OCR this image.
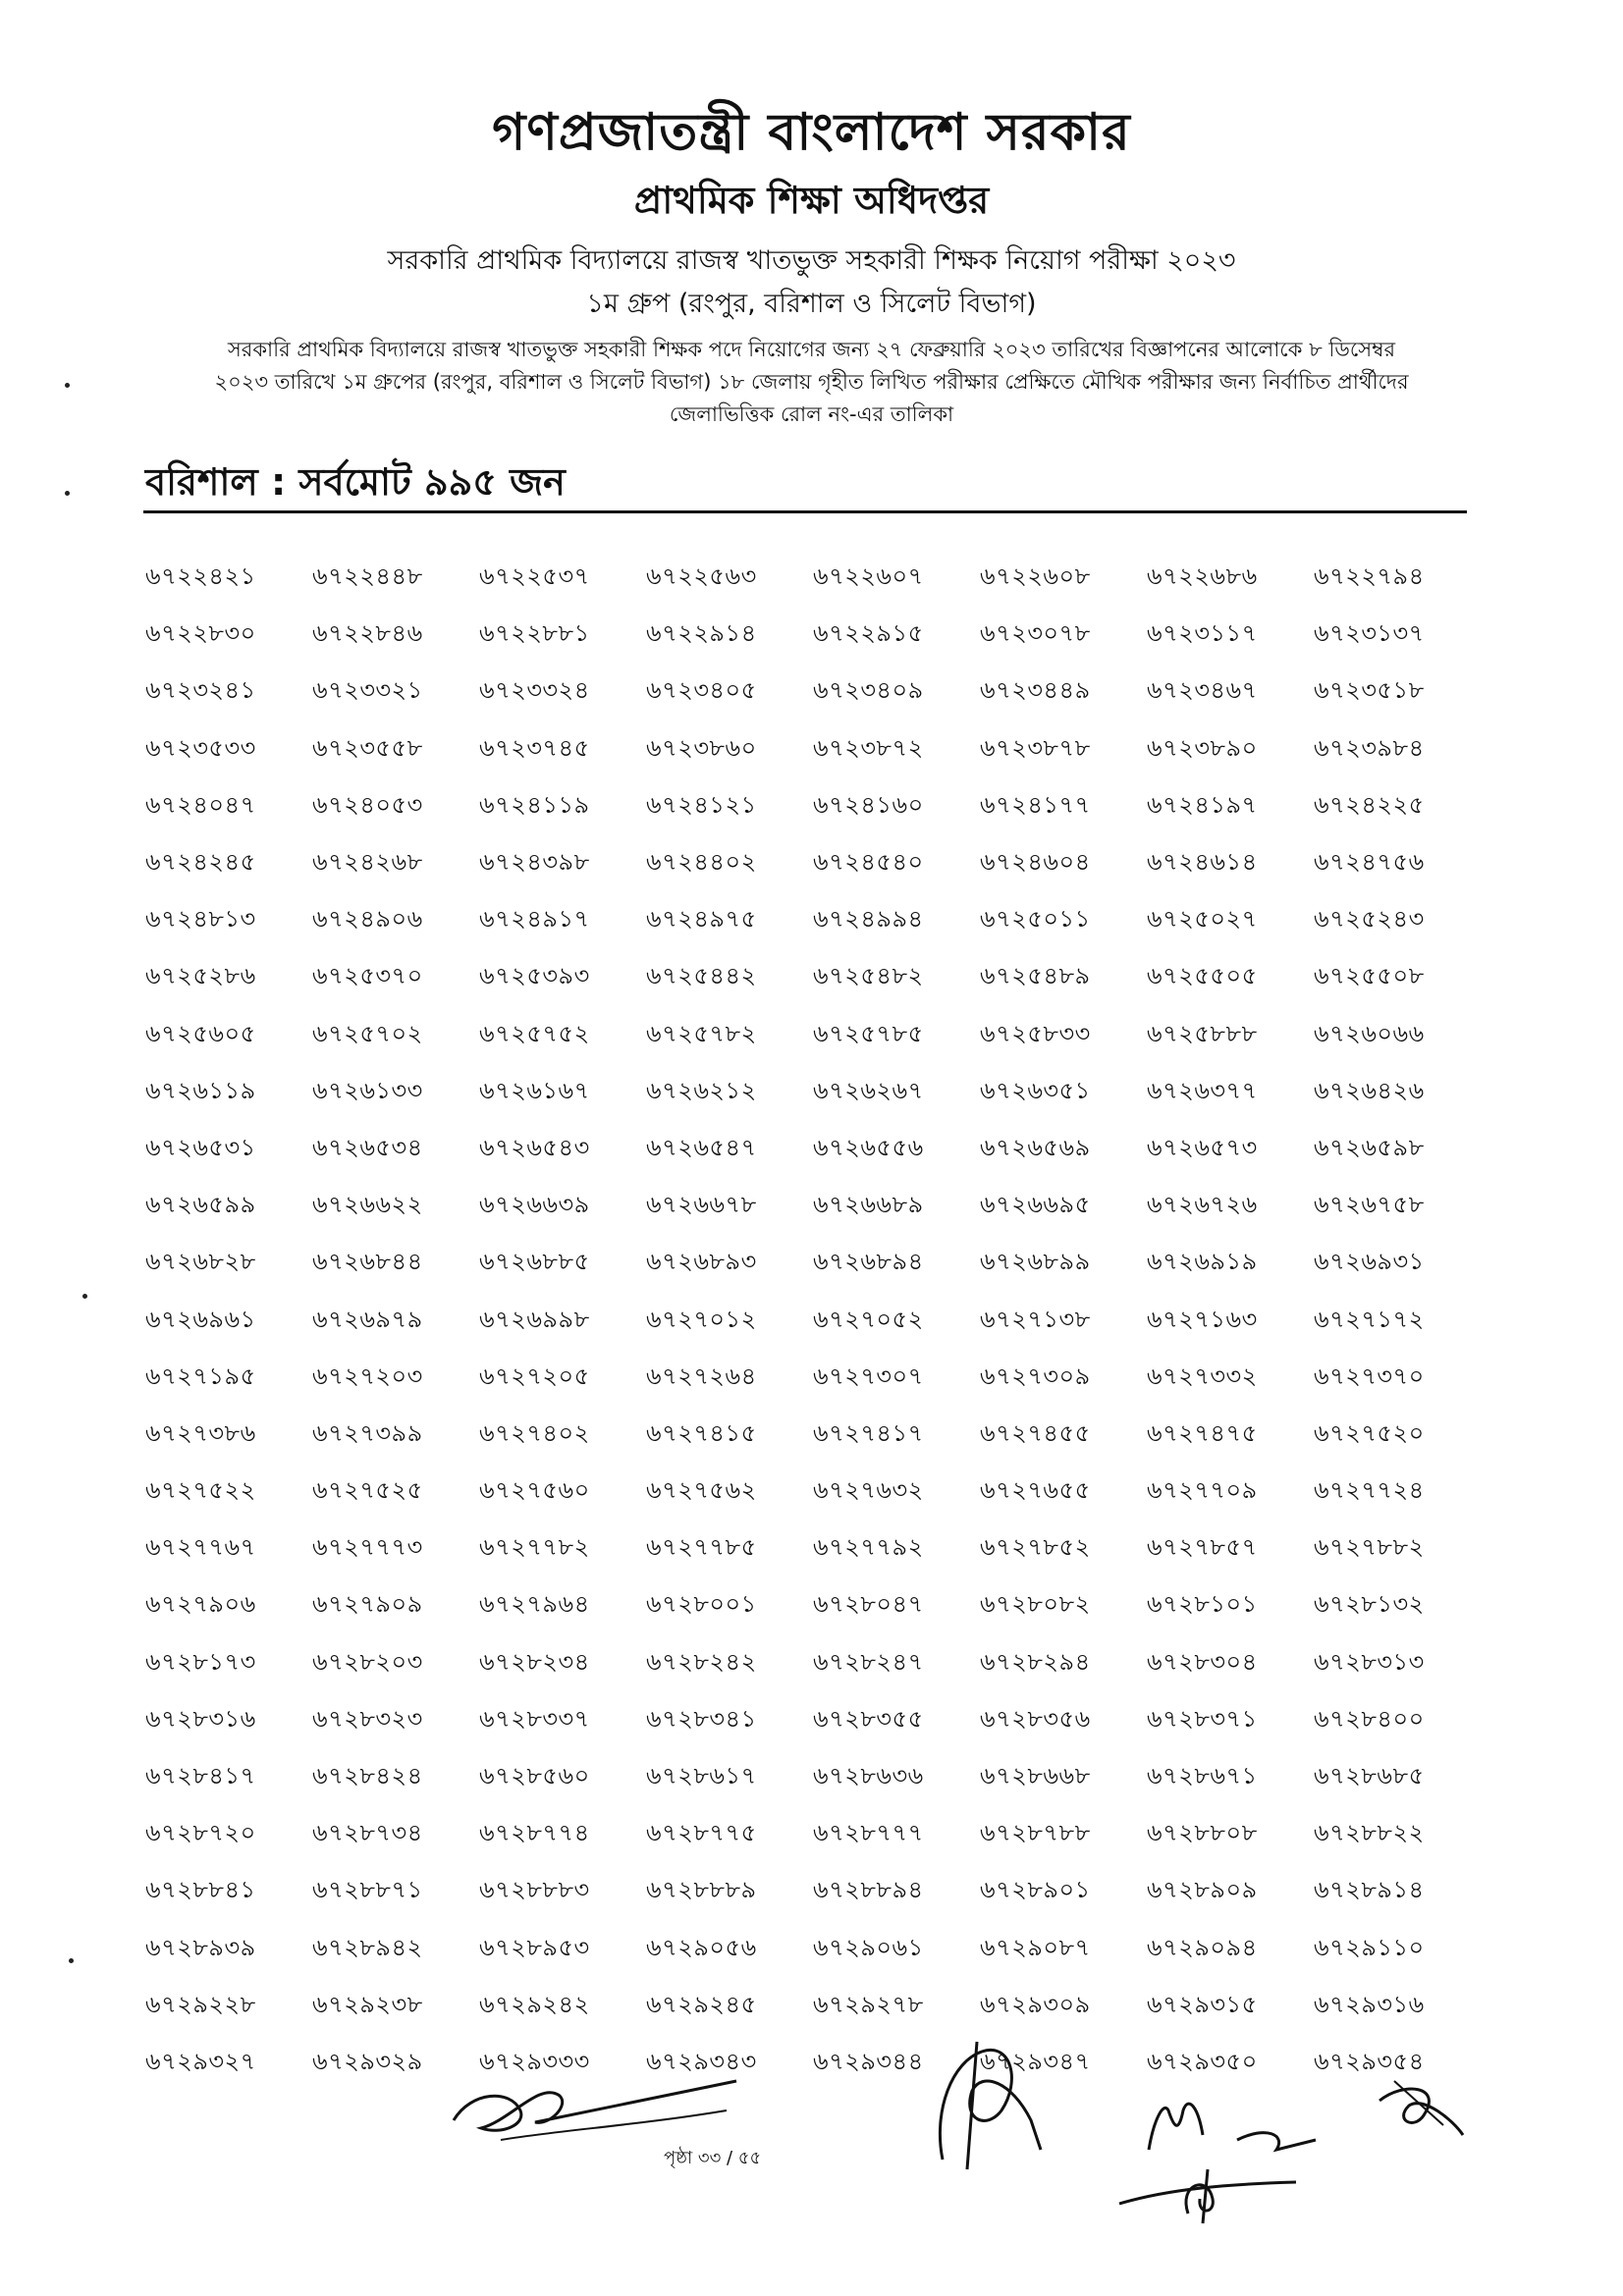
গণপ্রজাতন্ত্রী বাংলাদেশ সরকার
প্রাথমিক শিক্ষা অধিদপ্তর
সরকারি প্রাথমিক বিদ্যালয়ে রাজস্ব খাতভুক্ত সহকারী শিক্ষক নিয়োগ পরীক্ষা ২০২৩
১ম গ্রুপ (রংপুর, বরিশাল ও সিলেট বিভাগ)
সরকারি প্রাথমিক বিদ্যালয়ে রাজস্ব খাতভুক্ত সহকারী শিক্ষক পদে নিয়োগের জন্য ২৭ ফেব্রুয়ারি ২০২৩ তারিখের বিজ্ঞাপনের আলোকে ৮ ডিসেম্বর ২০২৩ তারিখে ১ম গ্রুপের (রংপুর, বরিশাল ও সিলেট বিভাগ) ১৮ জেলায় গৃহীত লিখিত পরীক্ষার প্রেক্ষিতে মৌখিক পরীক্ষার জন্য নির্বাচিত প্রার্থীদের জেলাভিত্তিক রোল নং-এর তালিকা
বরিশাল : সর্বমোট ৯৯৫ জন
৬৭২২৪২১	৬৭২২৪৪৮	৬৭২২৫৩৭	৬৭২২৫৬৩	৬৭২২৬০৭	৬৭২২৬০৮	৬৭২২৬৮৬	৬৭২২৭৯৪
৬৭২২৮৩০	৬৭২২৮৪৬	৬৭২২৮৮১	৬৭২২৯১৪	৬৭২২৯১৫	৬৭২৩০৭৮	৬৭২৩১১৭	৬৭২৩১৩৭
৬৭২৩২৪১	৬৭২৩৩২১	৬৭২৩৩২৪	৬৭২৩৪০৫	৬৭২৩৪০৯	৬৭২৩৪৪৯	৬৭২৩৪৬৭	৬৭২৩৫১৮
৬৭২৩৫৩৩	৬৭২৩৫৫৮	৬৭২৩৭৪৫	৬৭২৩৮৬০	৬৭২৩৮৭২	৬৭২৩৮৭৮	৬৭২৩৮৯০	৬৭২৩৯৮৪
৬৭২৪০৪৭	৬৭২৪০৫৩	৬৭২৪১১৯	৬৭২৪১২১	৬৭২৪১৬০	৬৭২৪১৭৭	৬৭২৪১৯৭	৬৭২৪২২৫
৬৭২৪২৪৫	৬৭২৪২৬৮	৬৭২৪৩৯৮	৬৭২৪৪০২	৬৭২৪৫৪০	৬৭২৪৬০৪	৬৭২৪৬১৪	৬৭২৪৭৫৬
৬৭২৪৮১৩	৬৭২৪৯০৬	৬৭২৪৯১৭	৬৭২৪৯৭৫	৬৭২৪৯৯৪	৬৭২৫০১১	৬৭২৫০২৭	৬৭২৫২৪৩
৬৭২৫২৮৬	৬৭২৫৩৭০	৬৭২৫৩৯৩	৬৭২৫৪৪২	৬৭২৫৪৮২	৬৭২৫৪৮৯	৬৭২৫৫০৫	৬৭২৫৫০৮
৬৭২৫৬০৫	৬৭২৫৭০২	৬৭২৫৭৫২	৬৭২৫৭৮২	৬৭২৫৭৮৫	৬৭২৫৮৩৩	৬৭২৫৮৮৮	৬৭২৬০৬৬
৬৭২৬১১৯	৬৭২৬১৩৩	৬৭২৬১৬৭	৬৭২৬২১২	৬৭২৬২৬৭	৬৭২৬৩৫১	৬৭২৬৩৭৭	৬৭২৬৪২৬
৬৭২৬৫৩১	৬৭২৬৫৩৪	৬৭২৬৫৪৩	৬৭২৬৫৪৭	৬৭২৬৫৫৬	৬৭২৬৫৬৯	৬৭২৬৫৭৩	৬৭২৬৫৯৮
৬৭২৬৫৯৯	৬৭২৬৬২২	৬৭২৬৬৩৯	৬৭২৬৬৭৮	৬৭২৬৬৮৯	৬৭২৬৬৯৫	৬৭২৬৭২৬	৬৭২৬৭৫৮
৬৭২৬৮২৮	৬৭২৬৮৪৪	৬৭২৬৮৮৫	৬৭২৬৮৯৩	৬৭২৬৮৯৪	৬৭২৬৮৯৯	৬৭২৬৯১৯	৬৭২৬৯৩১
৬৭২৬৯৬১	৬৭২৬৯৭৯	৬৭২৬৯৯৮	৬৭২৭০১২	৬৭২৭০৫২	৬৭২৭১৩৮	৬৭২৭১৬৩	৬৭২৭১৭২
৬৭২৭১৯৫	৬৭২৭২০৩	৬৭২৭২০৫	৬৭২৭২৬৪	৬৭২৭৩০৭	৬৭২৭৩০৯	৬৭২৭৩৩২	৬৭২৭৩৭০
৬৭২৭৩৮৬	৬৭২৭৩৯৯	৬৭২৭৪০২	৬৭২৭৪১৫	৬৭২৭৪১৭	৬৭২৭৪৫৫	৬৭২৭৪৭৫	৬৭২৭৫২০
৬৭২৭৫২২	৬৭২৭৫২৫	৬৭২৭৫৬০	৬৭২৭৫৬২	৬৭২৭৬৩২	৬৭২৭৬৫৫	৬৭২৭৭০৯	৬৭২৭৭২৪
৬৭২৭৭৬৭	৬৭২৭৭৭৩	৬৭২৭৭৮২	৬৭২৭৭৮৫	৬৭২৭৭৯২	৬৭২৭৮৫২	৬৭২৭৮৫৭	৬৭২৭৮৮২
৬৭২৭৯০৬	৬৭২৭৯০৯	৬৭২৭৯৬৪	৬৭২৮০০১	৬৭২৮০৪৭	৬৭২৮০৮২	৬৭২৮১০১	৬৭২৮১৩২
৬৭২৮১৭৩	৬৭২৮২০৩	৬৭২৮২৩৪	৬৭২৮২৪২	৬৭২৮২৪৭	৬৭২৮২৯৪	৬৭২৮৩০৪	৬৭২৮৩১৩
৬৭২৮৩১৬	৬৭২৮৩২৩	৬৭২৮৩৩৭	৬৭২৮৩৪১	৬৭২৮৩৫৫	৬৭২৮৩৫৬	৬৭২৮৩৭১	৬৭২৮৪০০
৬৭২৮৪১৭	৬৭২৮৪২৪	৬৭২৮৫৬০	৬৭২৮৬১৭	৬৭২৮৬৩৬	৬৭২৮৬৬৮	৬৭২৮৬৭১	৬৭২৮৬৮৫
৬৭২৮৭২০	৬৭২৮৭৩৪	৬৭২৮৭৭৪	৬৭২৮৭৭৫	৬৭২৮৭৭৭	৬৭২৮৭৮৮	৬৭২৮৮০৮	৬৭২৮৮২২
৬৭২৮৮৪১	৬৭২৮৮৭১	৬৭২৮৮৮৩	৬৭২৮৮৮৯	৬৭২৮৮৯৪	৬৭২৮৯০১	৬৭২৮৯০৯	৬৭২৮৯১৪
৬৭২৮৯৩৯	৬৭২৮৯৪২	৬৭২৮৯৫৩	৬৭২৯০৫৬	৬৭২৯০৬১	৬৭২৯০৮৭	৬৭২৯০৯৪	৬৭২৯১১০
৬৭২৯২২৮	৬৭২৯২৩৮	৬৭২৯২৪২	৬৭২৯২৪৫	৬৭২৯২৭৮	৬৭২৯৩০৯	৬৭২৯৩১৫	৬৭২৯৩১৬
৬৭২৯৩২৭	৬৭২৯৩২৯	৬৭২৯৩৩৩	৬৭২৯৩৪৩	৬৭২৯৩৪৪	৬৭২৯৩৪৭	৬৭২৯৩৫০	৬৭২৯৩৫৪
পৃষ্ঠা ৩৩ / ৫৫
